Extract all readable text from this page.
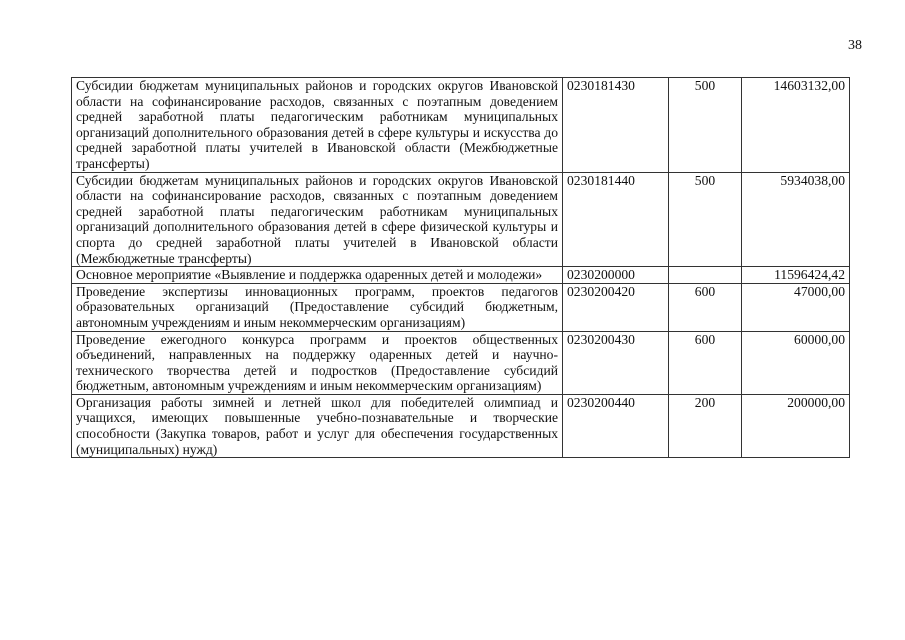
38
Субсидии бюджетам муниципальных районов и городских округов Ивановской области на софинансирование расходов, связанных с поэтапным доведением средней заработной платы педагогическим работникам муниципальных организаций дополнительного образования детей в сфере культуры и искусства до средней заработной платы учителей в Ивановской области (Межбюджетные трансферты)	0230181430	500	14603132,00
Субсидии бюджетам муниципальных районов и городских округов Ивановской области на софинансирование расходов, связанных с поэтапным доведением средней заработной платы педагогическим работникам муниципальных организаций дополнительного образования детей в сфере физической культуры и спорта до средней заработной платы учителей в Ивановской области (Межбюджетные трансферты)	0230181440	500	5934038,00
Основное мероприятие «Выявление и поддержка одаренных детей и молодежи»	0230200000		11596424,42
Проведение экспертизы инновационных программ, проектов педагогов образовательных организаций (Предоставление субсидий бюджетным, автономным учреждениям и иным некоммерческим организациям)	0230200420	600	47000,00
Проведение ежегодного конкурса программ и проектов общественных объединений, направленных на поддержку одаренных детей и научно-технического творчества детей и подростков (Предоставление субсидий бюджетным, автономным учреждениям и иным некоммерческим организациям)	0230200430	600	60000,00
Организация работы зимней и летней школ для победителей олимпиад и учащихся, имеющих повышенные учебно-познавательные и творческие способности (Закупка товаров, работ и услуг для обеспечения государственных (муниципальных) нужд)	0230200440	200	200000,00
